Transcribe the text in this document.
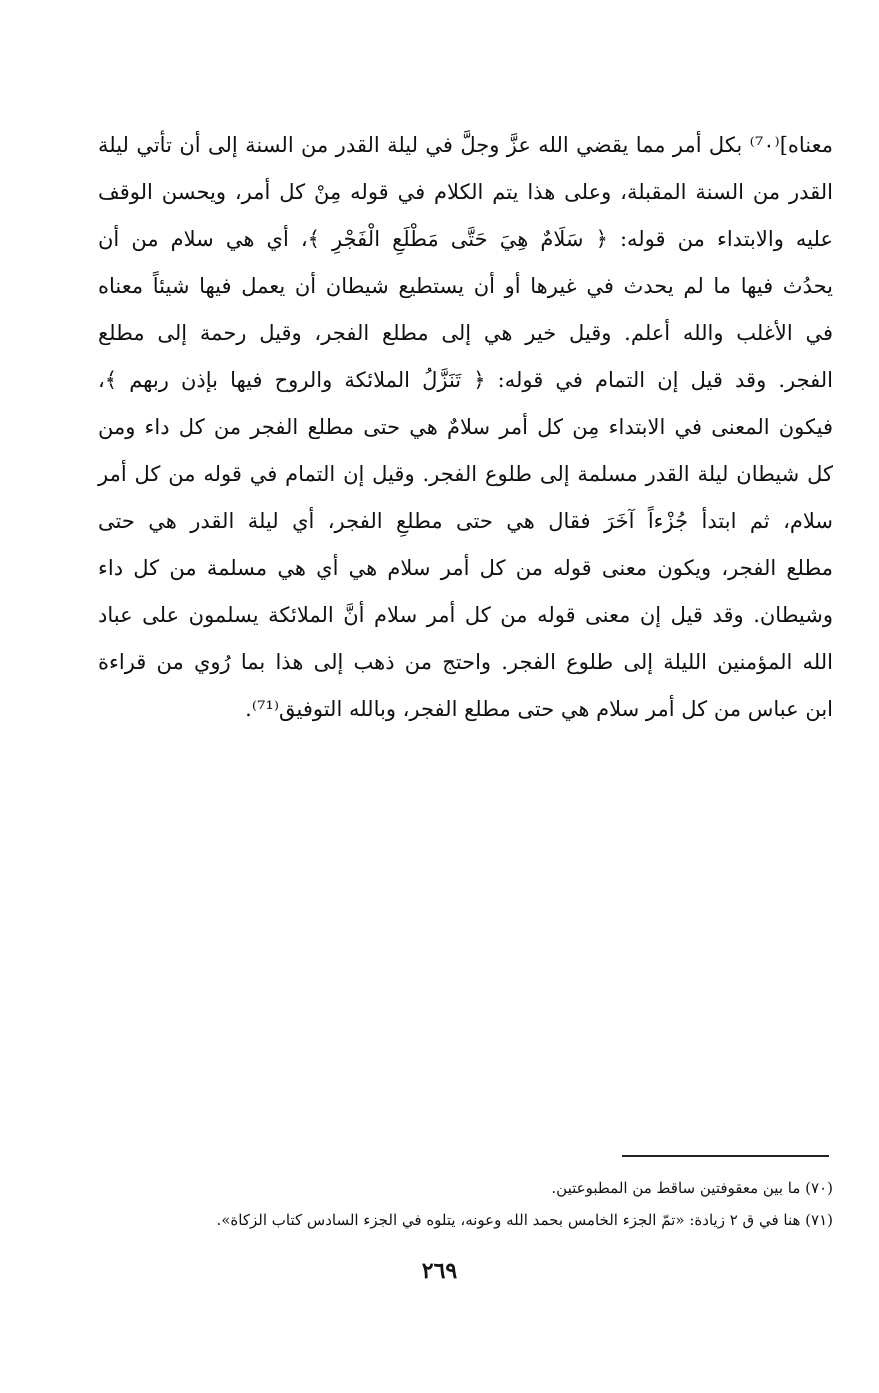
معناه]⁽⁷٠⁾ بكل أمر مما يقضي الله عزَّ وجلَّ في ليلة القدر من السنة إلى أن تأتي ليلة
القدر من السنة المقبلة، وعلى هذا يتم الكلام في قوله مِنْ كل أمر، ويحسن الوقف
عليه والابتداء من قوله: ﴿ سَلَامٌ هِيَ حَتَّى مَطْلَعِ الْفَجْرِ ﴾، أي هي سلام من أن
يحدُث فيها ما لم يحدث في غيرها أو أن يستطيع شيطان أن يعمل فيها شيئاً معناه
في الأغلب والله أعلم. وقيل خير هي إلى مطلع الفجر، وقيل رحمة إلى مطلع
الفجر. وقد قيل إن التمام في قوله: ﴿ تَنَزَّلُ الملائكة والروح فيها بإذن ربهم ﴾،
فيكون المعنى في الابتداء مِن كل أمر سلامٌ هي حتى مطلع الفجر من كل داء ومن
كل شيطان ليلة القدر مسلمة إلى طلوع الفجر. وقيل إن التمام في قوله من كل أمر
سلام، ثم ابتدأ جُزْءاً آخَرَ فقال هي حتى مطلعِ الفجر، أي ليلة القدر هي حتى
مطلع الفجر، ويكون معنى قوله من كل أمر سلام هي أي هي مسلمة من كل داء
وشيطان. وقد قيل إن معنى قوله من كل أمر سلام أنَّ الملائكة يسلمون على عباد
الله المؤمنين الليلة إلى طلوع الفجر. واحتج من ذهب إلى هذا بما رُوي من قراءة
ابن عباس من كل أمر سلام هي حتى مطلع الفجر، وبالله التوفيق⁽⁷¹⁾.
(٧٠) ما بين معقوفتين ساقط من المطبوعتين.
(٧١) هنا في ق ٢ زيادة: «تمّ الجزء الخامس بحمد الله وعونه، يتلوه في الجزء السادس كتاب الزكاة».
٢٦٩
